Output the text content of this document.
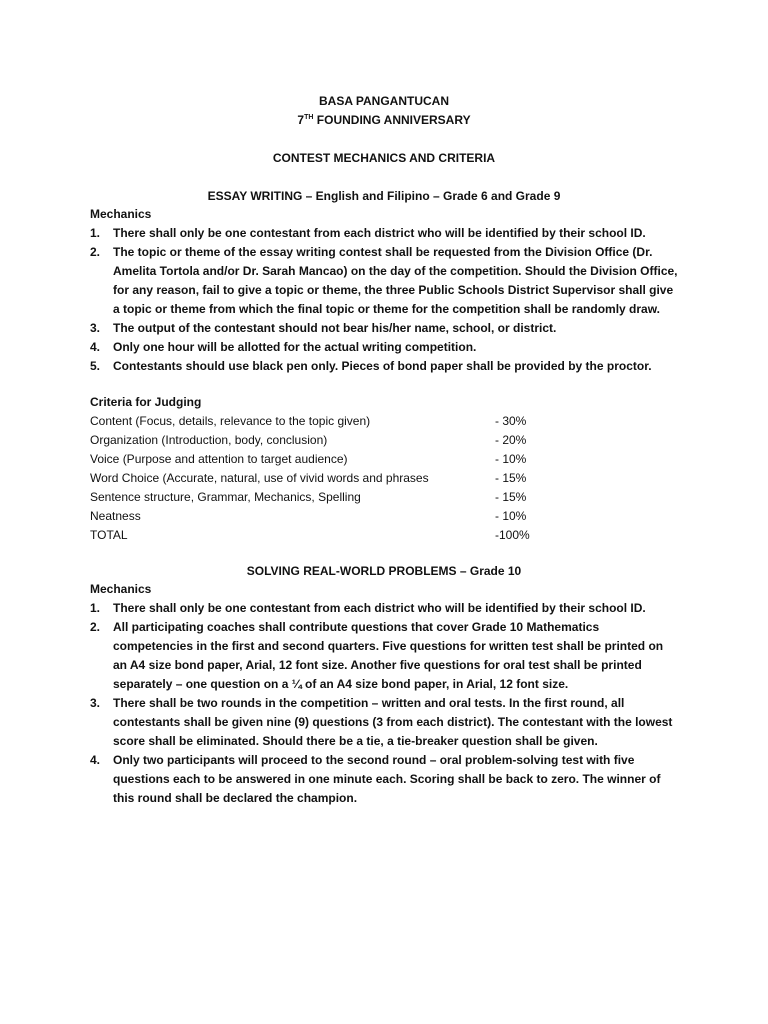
BASA PANGANTUCAN
7TH FOUNDING ANNIVERSARY
CONTEST MECHANICS AND CRITERIA
ESSAY WRITING – English and Filipino – Grade 6 and Grade 9
Mechanics
1. There shall only be one contestant from each district who will be identified by their school ID.
2. The topic or theme of the essay writing contest shall be requested from the Division Office (Dr. Amelita Tortola and/or Dr. Sarah Mancao) on the day of the competition. Should the Division Office, for any reason, fail to give a topic or theme, the three Public Schools District Supervisor shall give a topic or theme from which the final topic or theme for the competition shall be randomly draw.
3. The output of the contestant should not bear his/her name, school, or district.
4. Only one hour will be allotted for the actual writing competition.
5. Contestants should use black pen only. Pieces of bond paper shall be provided by the proctor.
Criteria for Judging
Content (Focus, details, relevance to the topic given)	- 30%
Organization (Introduction, body, conclusion)	- 20%
Voice (Purpose and attention to target audience)	- 10%
Word Choice (Accurate, natural, use of vivid words and phrases	- 15%
Sentence structure, Grammar, Mechanics, Spelling	- 15%
Neatness	- 10%
TOTAL	-100%
SOLVING REAL-WORLD PROBLEMS – Grade 10
Mechanics
1. There shall only be one contestant from each district who will be identified by their school ID.
2. All participating coaches shall contribute questions that cover Grade 10 Mathematics competencies in the first and second quarters. Five questions for written test shall be printed on an A4 size bond paper, Arial, 12 font size. Another five questions for oral test shall be printed separately – one question on a ¼ of an A4 size bond paper, in Arial, 12 font size.
3. There shall be two rounds in the competition – written and oral tests. In the first round, all contestants shall be given nine (9) questions (3 from each district). The contestant with the lowest score shall be eliminated. Should there be a tie, a tie-breaker question shall be given.
4. Only two participants will proceed to the second round – oral problem-solving test with five questions each to be answered in one minute each. Scoring shall be back to zero. The winner of this round shall be declared the champion.
